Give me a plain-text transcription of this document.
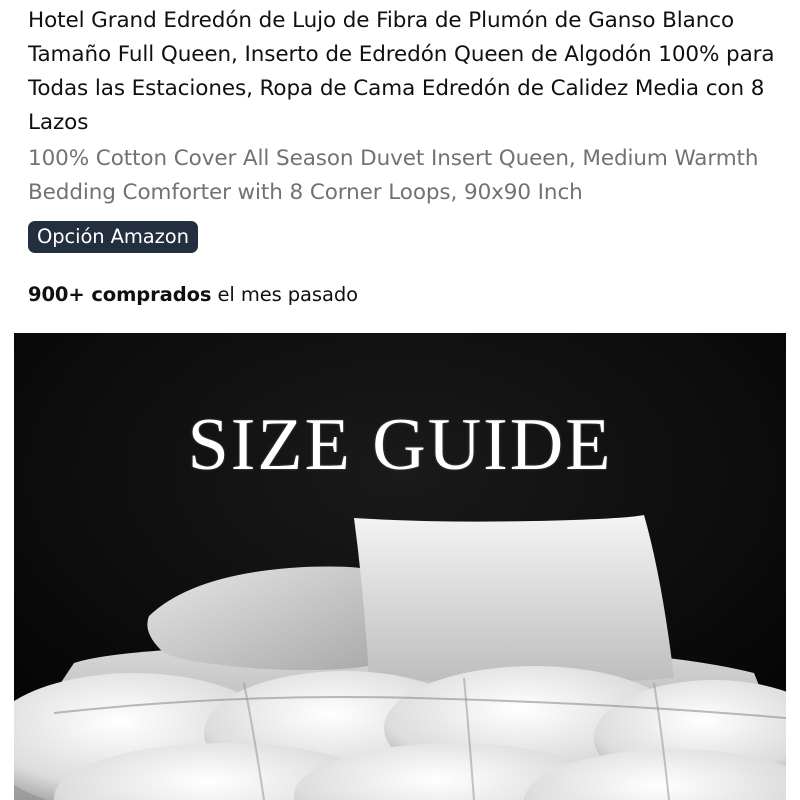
Hotel Grand Edredón de Lujo de Fibra de Plumón de Ganso Blanco Tamaño Full Queen, Inserto de Edredón Queen de Algodón 100% para Todas las Estaciones, Ropa de Cama Edredón de Calidez Media con 8 Lazos

100% Cotton Cover All Season Duvet Insert Queen, Medium Warmth Bedding Comforter with 8 Corner Loops, 90x90 Inch

Opción Amazon
900+ comprados el mes pasado
SIZE GUIDE
